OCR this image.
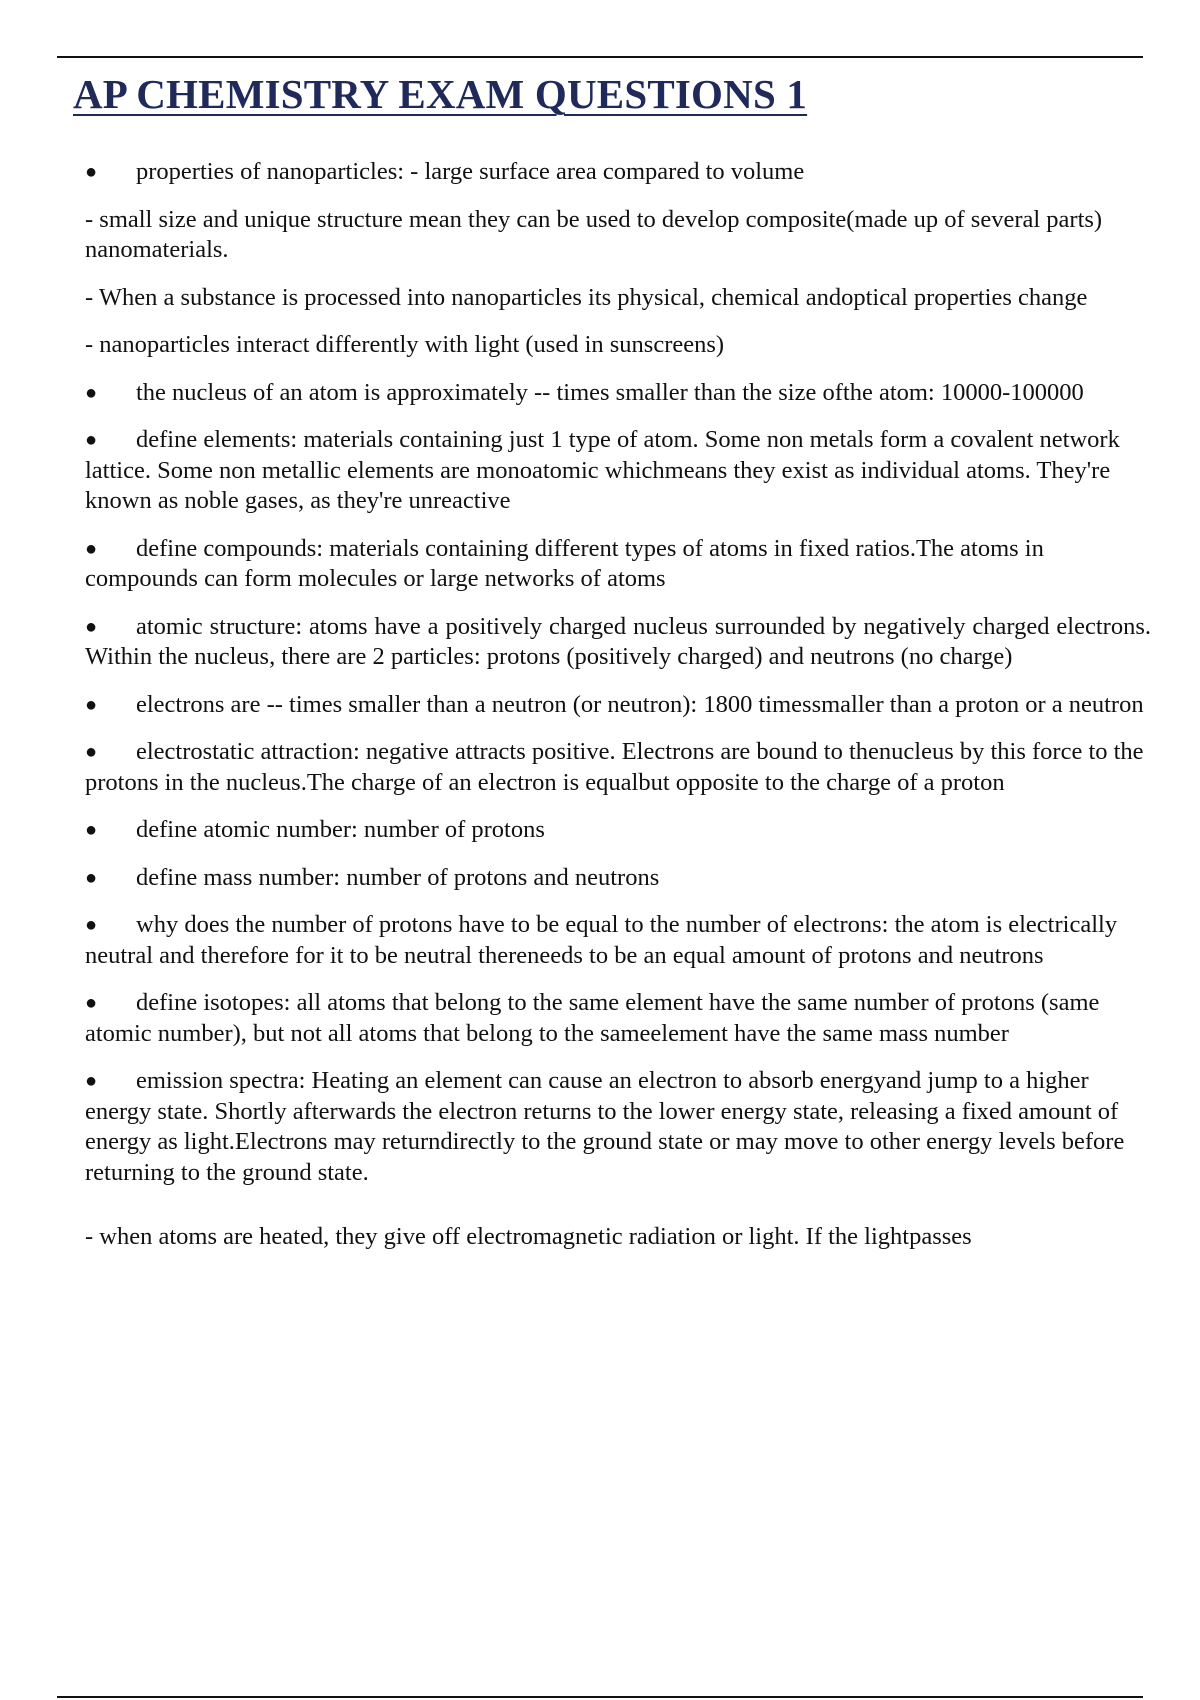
AP CHEMISTRY EXAM QUESTIONS 1

● properties of nanoparticles: - large surface area compared to volume

- small size and unique structure mean they can be used to develop composite(made up of several parts) nanomaterials.

- When a substance is processed into nanoparticles its physical, chemical andoptical properties change

- nanoparticles interact differently with light (used in sunscreens)

● the nucleus of an atom is approximately -- times smaller than the size ofthe atom: 10000-100000

● define elements: materials containing just 1 type of atom. Some non metals form a covalent network lattice. Some non metallic elements are monoatomic whichmeans they exist as individual atoms. They're known as noble gases, as they're unreactive

● define compounds: materials containing different types of atoms in fixed ratios.The atoms in compounds can form molecules or large networks of atoms

● atomic structure: atoms have a positively charged nucleus surrounded by negatively charged electrons. Within the nucleus, there are 2 particles: protons (positively charged) and neutrons (no charge)

● electrons are -- times smaller than a neutron (or neutron): 1800 timessmaller than a proton or a neutron

● electrostatic attraction: negative attracts positive. Electrons are bound to thenucleus by this force to the protons in the nucleus.The charge of an electron is equalbut opposite to the charge of a proton

● define atomic number: number of protons

● define mass number: number of protons and neutrons

● why does the number of protons have to be equal to the number of electrons: the atom is electrically neutral and therefore for it to be neutral thereneeds to be an equal amount of protons and neutrons

● define isotopes: all atoms that belong to the same element have the same number of protons (same atomic number), but not all atoms that belong to the sameelement have the same mass number

● emission spectra: Heating an element can cause an electron to absorb energyand jump to a higher energy state. Shortly afterwards the electron returns to the lower energy state, releasing a fixed amount of energy as light.Electrons may returndirectly to the ground state or may move to other energy levels before returning to the ground state.

- when atoms are heated, they give off electromagnetic radiation or light. If the lightpasses
